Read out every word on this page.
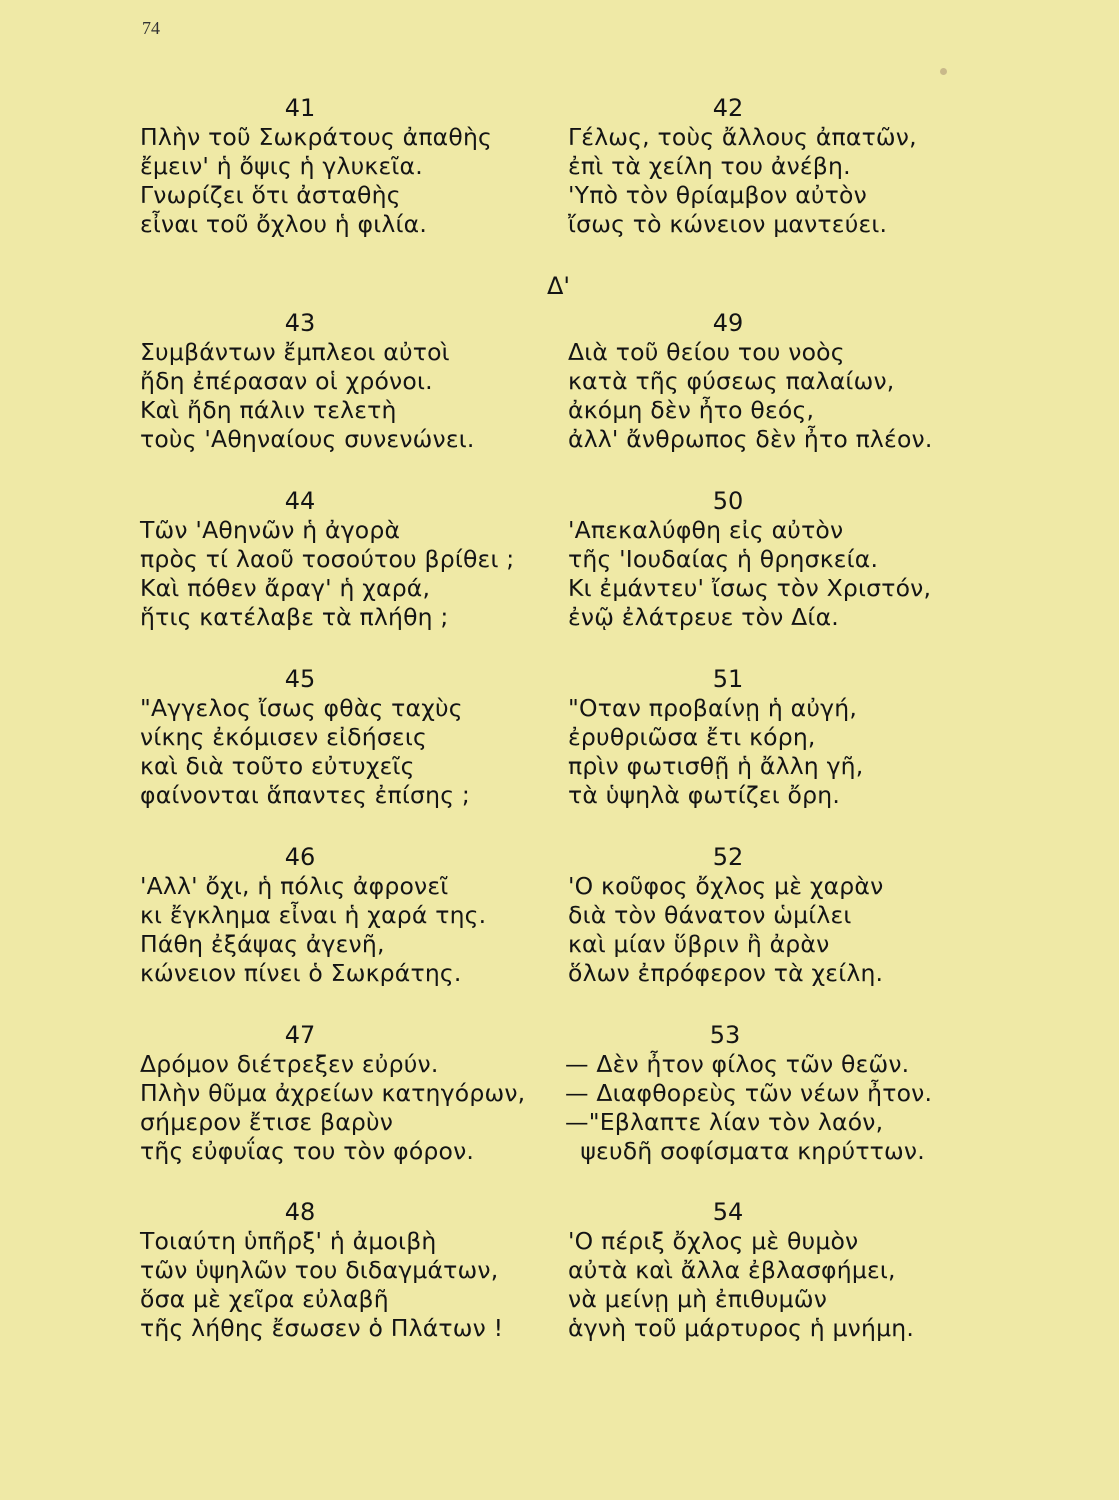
74
Δ'
41
Πλὴν τοῦ Σωκράτους ἀπαθὴς
ἔμειν' ἡ ὄψις ἡ γλυκεῖα.
Γνωρίζει ὅτι ἀσταθὴς
εἶναι τοῦ ὄχλου ἡ φιλία.
43
Συμβάντων ἔμπλεοι αὐτοὶ
ἤδη ἐπέρασαν οἱ χρόνοι.
Καὶ ἤδη πάλιν τελετὴ
τοὺς 'Αθηναίους συνενώνει.
44
Τῶν 'Αθηνῶν ἡ ἀγορὰ
πρὸς τί λαοῦ τοσούτου βρίθει ;
Καὶ πόθεν ἄραγ' ἡ χαρά,
ἥτις κατέλαβε τὰ πλήθη ;
45
"Αγγελος ἴσως φθὰς ταχὺς
νίκης ἐκόμισεν εἰδήσεις
καὶ διὰ τοῦτο εὐτυχεῖς
φαίνονται ἅπαντες ἐπίσης ;
46
'Αλλ' ὄχι, ἡ πόλις ἀφρονεῖ
κι ἔγκλημα εἶναι ἡ χαρά της.
Πάθη ἐξάψας ἀγενῆ,
κώνειον πίνει ὁ Σωκράτης.
47
Δρόμον διέτρεξεν εὐρύν.
Πλὴν θῦμα ἀχρείων κατηγόρων,
σήμερον ἔτισε βαρὺν
τῆς εὐφυΐας του τὸν φόρον.
48
Τοιαύτη ὑπῆρξ' ἡ ἀμοιβὴ
τῶν ὑψηλῶν του διδαγμάτων,
ὅσα μὲ χεῖρα εὐλαβῆ
τῆς λήθης ἔσωσεν ὁ Πλάτων !
42
Γέλως, τοὺς ἄλλους ἀπατῶν,
ἐπὶ τὰ χείλη του ἀνέβη.
'Υπὸ τὸν θρίαμβον αὐτὸν
ἴσως τὸ κώνειον μαντεύει.
49
Διὰ τοῦ θείου του νοὸς
κατὰ τῆς φύσεως παλαίων,
ἀκόμη δὲν ἦτο θεός,
ἀλλ' ἄνθρωπος δὲν ἦτο πλέον.
50
'Απεκαλύφθη εἰς αὐτὸν
τῆς 'Ιουδαίας ἡ θρησκεία.
Κι ἐμάντευ' ἴσως τὸν Χριστόν,
ἐνῷ ἐλάτρευε τὸν Δία.
51
"Οταν προβαίνῃ ἡ αὐγή,
ἐρυθριῶσα ἔτι κόρη,
πρὶν φωτισθῇ ἡ ἄλλη γῆ,
τὰ ὑψηλὰ φωτίζει ὄρη.
52
'Ο κοῦφος ὄχλος μὲ χαρὰν
διὰ τὸν θάνατον ὡμίλει
καὶ μίαν ὕβριν ἢ ἀρὰν
ὅλων ἐπρόφερον τὰ χείλη.
53
— Δὲν ἦτον φίλος τῶν θεῶν.
— Διαφθορεὺς τῶν νέων ἦτον.
—"Εβλαπτε λίαν τὸν λαόν,
ψευδῆ σοφίσματα κηρύττων.
54
'Ο πέριξ ὄχλος μὲ θυμὸν
αὐτὰ καὶ ἄλλα ἐβλασφήμει,
νὰ μείνῃ μὴ ἐπιθυμῶν
ἁγνὴ τοῦ μάρτυρος ἡ μνήμη.
